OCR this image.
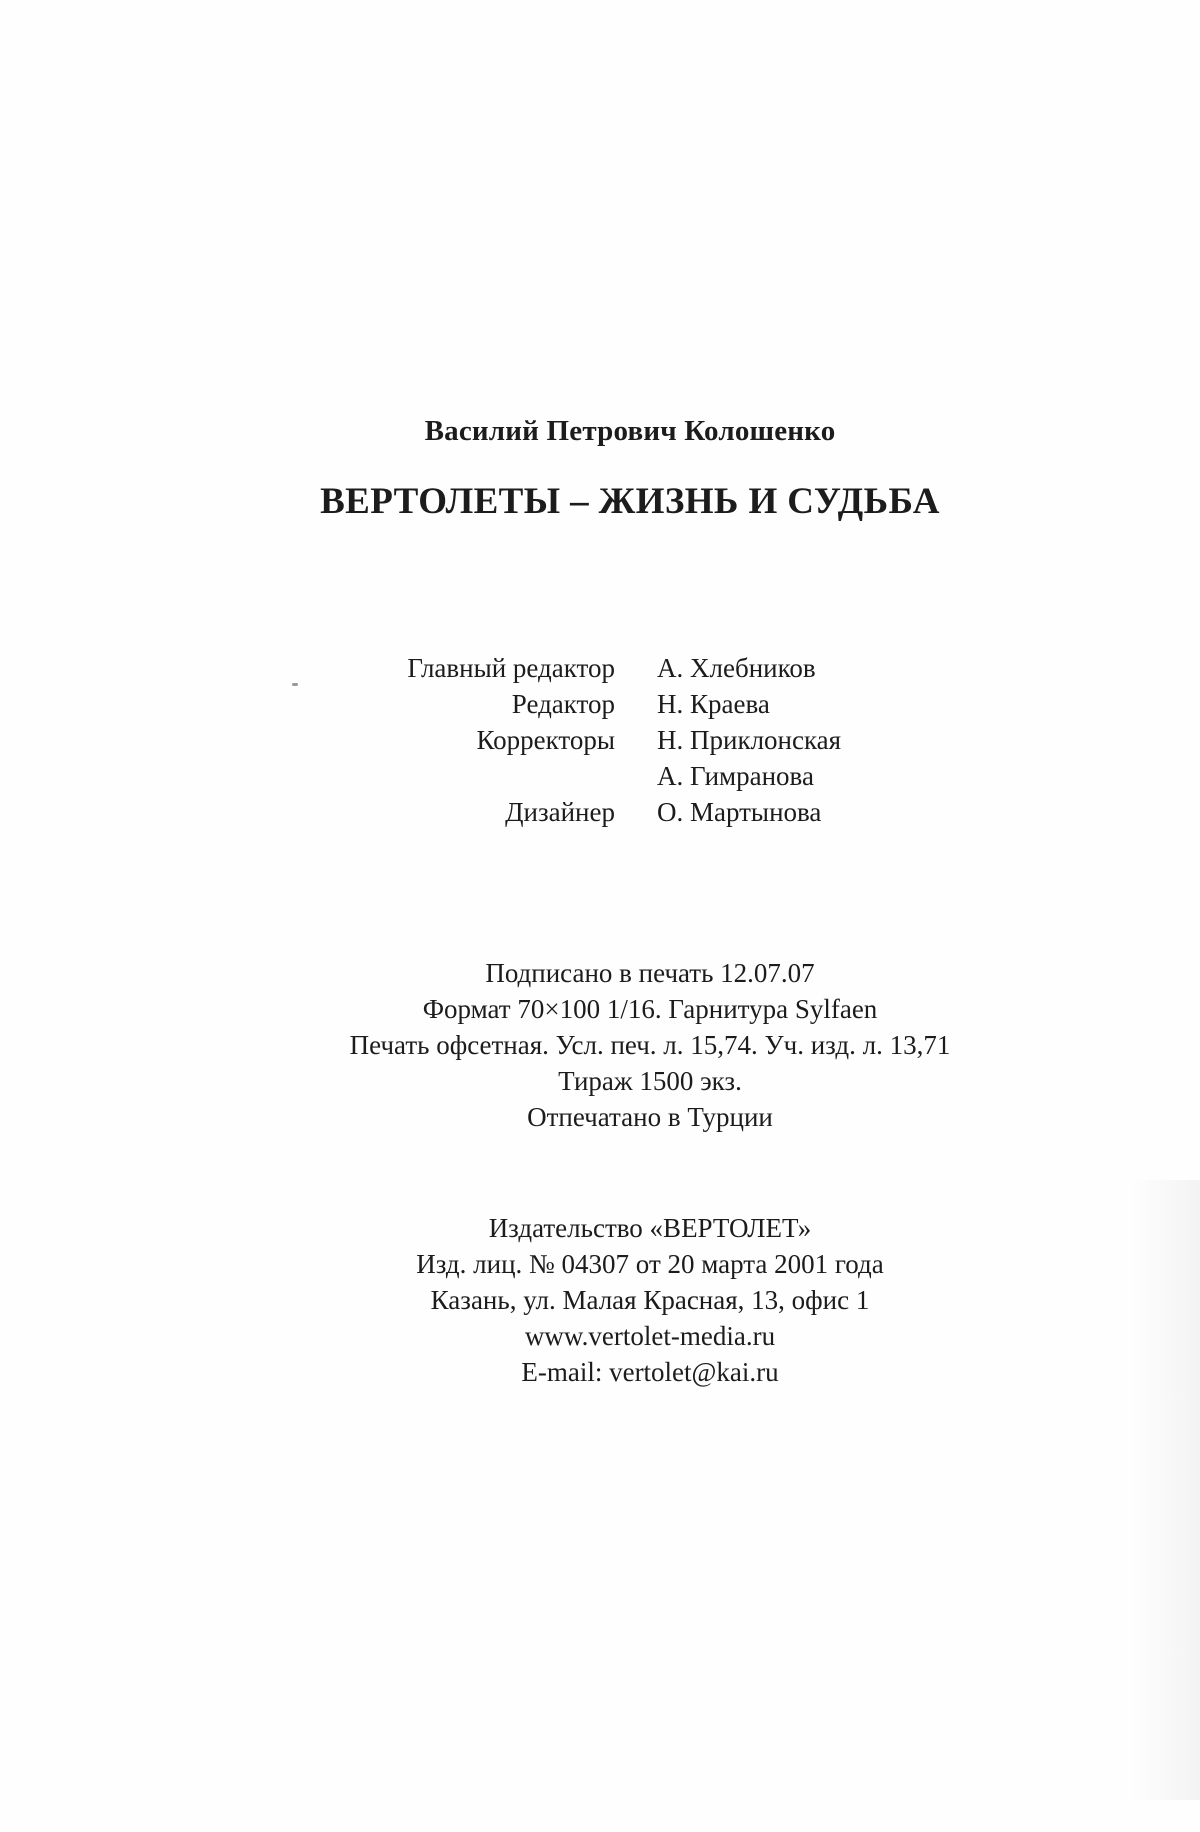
Василий Петрович Колошенко
ВЕРТОЛЕТЫ – ЖИЗНЬ И СУДЬБА
Главный редактор А. Хлебников
Редактор Н. Краева
Корректоры Н. Приклонская
А. Гимранова
Дизайнер О. Мартынова
Подписано в печать 12.07.07
Формат 70×100 1/16. Гарнитура Sylfaen
Печать офсетная. Усл. печ. л. 15,74. Уч. изд. л. 13,71
Тираж 1500 экз.
Отпечатано в Турции
Издательство «ВЕРТОЛЕТ»
Изд. лиц. № 04307 от 20 марта 2001 года
Казань, ул. Малая Красная, 13, офис 1
www.vertolet-media.ru
E-mail: vertolet@kai.ru
